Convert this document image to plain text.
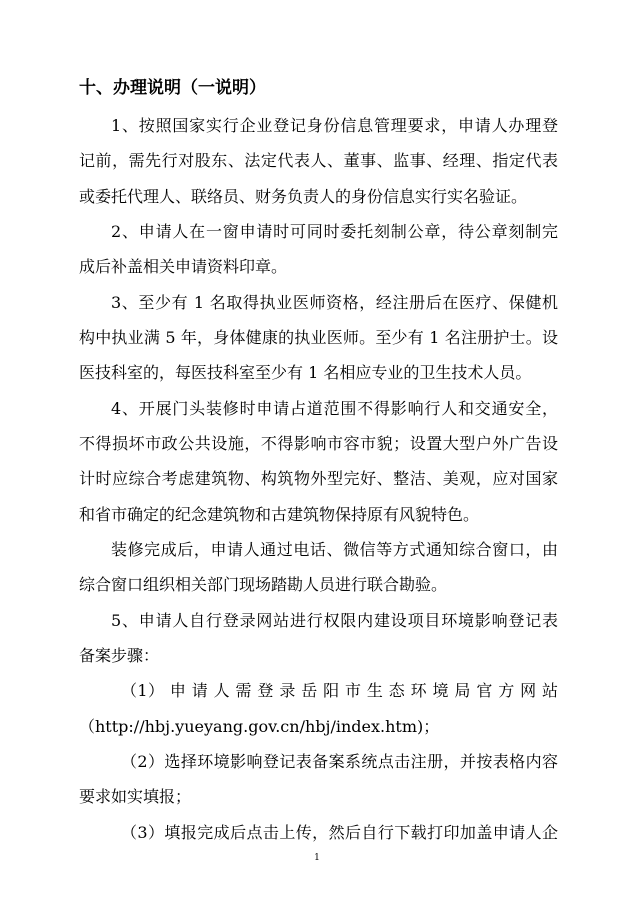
十、办理说明（一说明）
1、按照国家实行企业登记身份信息管理要求，申请人办理登
记前，需先行对股东、法定代表人、董事、监事、经理、指定代表
或委托代理人、联络员、财务负责人的身份信息实行实名验证。
2、申请人在一窗申请时可同时委托刻制公章，待公章刻制完
成后补盖相关申请资料印章。
3、至少有 1 名取得执业医师资格，经注册后在医疗、保健机
构中执业满 5 年，身体健康的执业医师。至少有 1 名注册护士。设
医技科室的，每医技科室至少有 1 名相应专业的卫生技术人员。
4、开展门头装修时申请占道范围不得影响行人和交通安全，
不得损坏市政公共设施，不得影响市容市貌；设置大型户外广告设
计时应综合考虑建筑物、构筑物外型完好、整洁、美观，应对国家
和省市确定的纪念建筑物和古建筑物保持原有风貌特色。
装修完成后，申请人通过电话、微信等方式通知综合窗口，由
综合窗口组织相关部门现场踏勘人员进行联合勘验。
5、申请人自行登录网站进行权限内建设项目环境影响登记表
备案步骤：
（1） 申 请 人 需 登 录 岳 阳 市 生 态 环 境 局 官 方 网 站
（http://hbj.yueyang.gov.cn/hbj/index.htm)；
（2）选择环境影响登记表备案系统点击注册，并按表格内容
要求如实填报；
（3）填报完成后点击上传，然后自行下载打印加盖申请人企
1
